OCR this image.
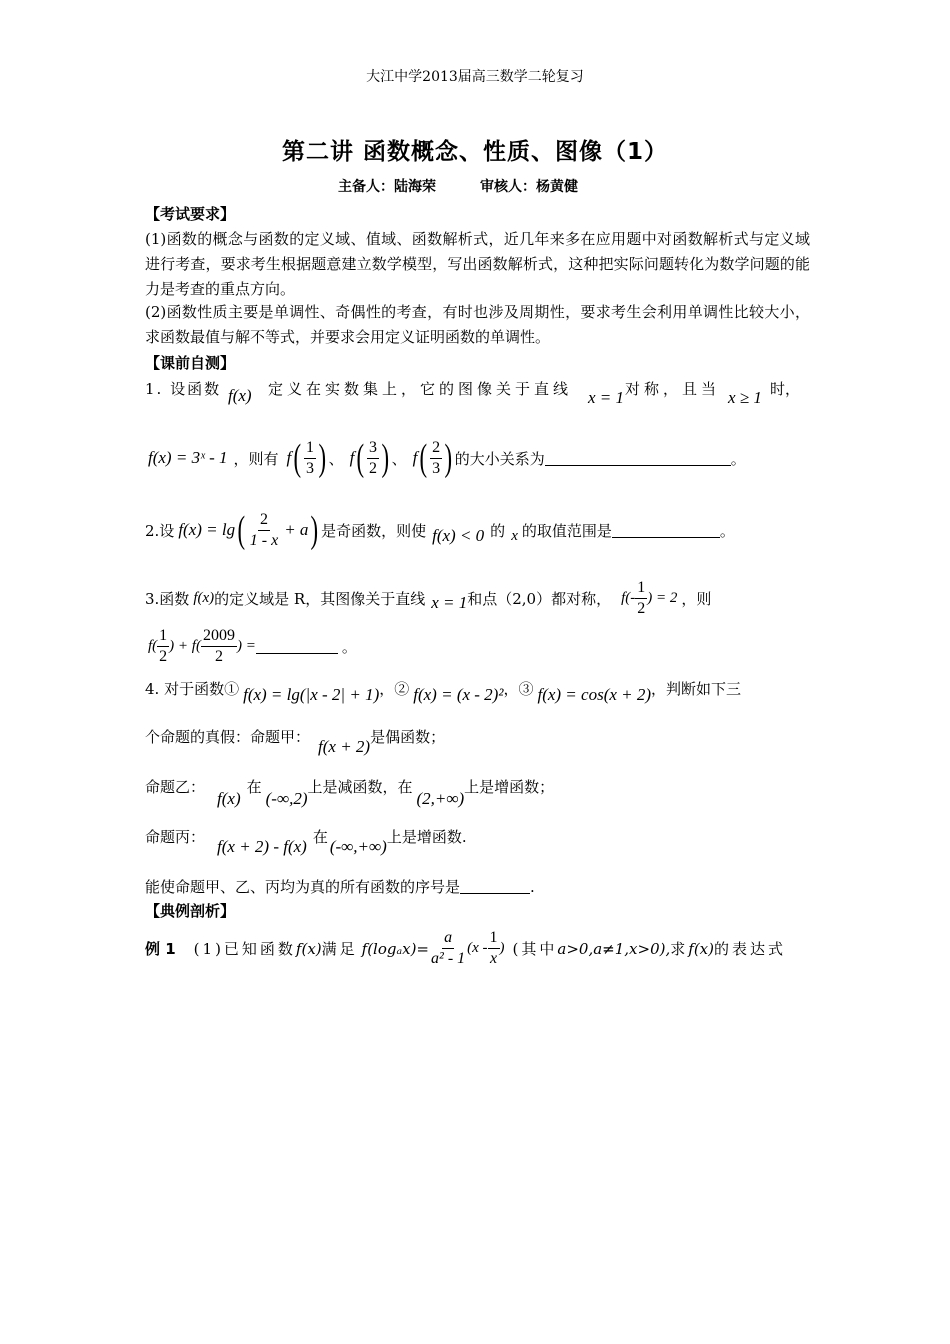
大江中学2013届高三数学二轮复习
第二讲 函数概念、性质、图像（1）
主备人：陆海荣	审核人：杨黄健
【考试要求】
(1)函数的概念与函数的定义域、值域、函数解析式，近几年来多在应用题中对函数解析式与定义域进行考查，要求考生根据题意建立数学模型，写出函数解析式，这种把实际问题转化为数学问题的能力是考查的重点方向。
(2)函数性质主要是单调性、奇偶性的考查，有时也涉及周期性，要求考生会利用单调性比较大小，求函数最值与解不等式，并要求会用定义证明函数的单调性。
【课前自测】
1. 设函数 f(x) 定义在实数集上，它的图像关于直线 x = 1 对称，且当 x ≥ 1 时，
f(x) = 3ˣ - 1 ，则有 f ( $\frac{1}{3}$ ) 、 f ( $\frac{3}{2}$ ) 、 f ( $\frac{2}{3}$ ) 的大小关系为	。
2.设 f(x) = lg ( $\frac{2}{1 - x} + a$ ) 是奇函数，则使 f(x) < 0 的 x 的取值范围是	。
3.函数 f(x) 的定义域是 R，其图像关于直线 x = 1 和点（2,0）都对称， $f(- \frac{1}{2}$ ) = 2 ，则
$f( \frac{1}{2}$ ) + $f( \frac{2009}{2}$ ) =	。
4. 对于函数① f(x) = lg(|x - 2| + 1) ，② f(x) = (x - 2)² ，③ f(x) = cos(x + 2) ，判断如下三
个命题的真假：命题甲： f(x + 2) 是偶函数；
命题乙：
f(x)
在
(-∞,2)
上是减函数，在
(2,+∞)
上是增函数；
命题丙： f(x + 2) - f(x) 在 (-∞,+∞) 上是增函数.
能使命题甲、乙、丙均为真的所有函数的序号是	.
【典例剖析】
例 1 (1)已知函数 f(x) 满足 $f(\log_ax)= \frac{a}{\text{a² - 1}} (x - \frac{1}{x}$ ) (其中 a>0,a≠1,x>0), 求 f(x) 的表达式
